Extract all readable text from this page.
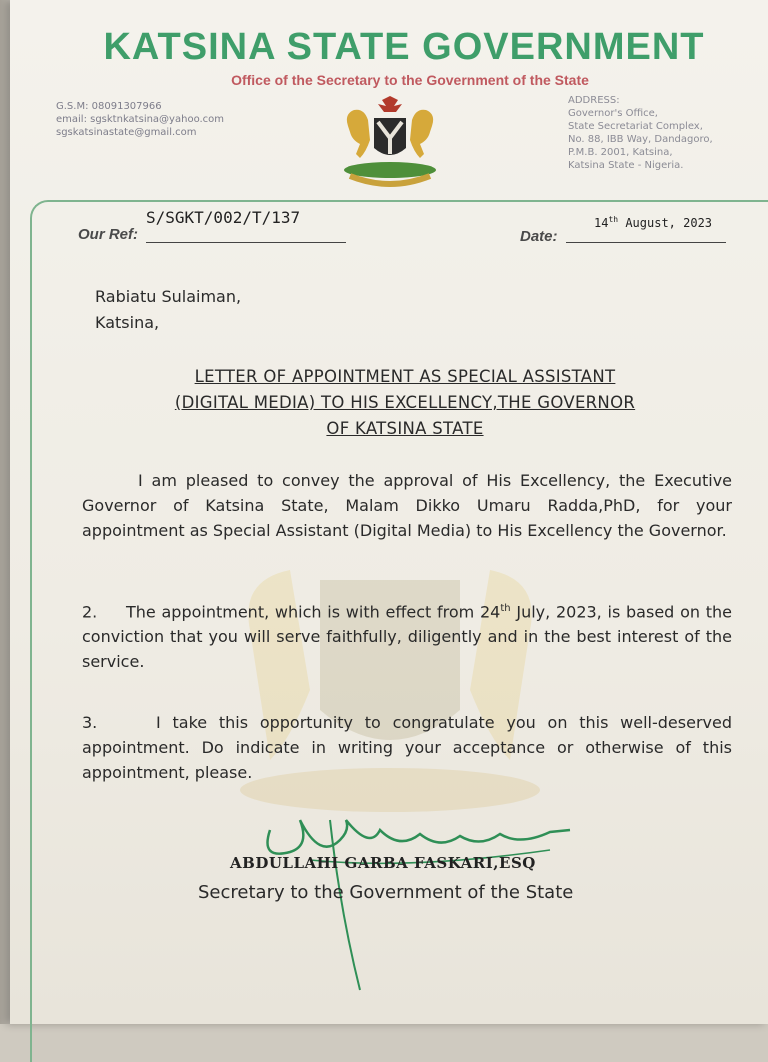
KATSINA STATE GOVERNMENT
Office of the Secretary to the Government of the State
G.S.M: 08091307966
email: sgsktnkatsina@yahoo.com
sgskatsinastate@gmail.com
ADDRESS:
Governor's Office,
State Secretariat Complex,
No. 88, IBB Way, Dandagoro,
P.M.B. 2001, Katsina,
Katsina State - Nigeria.
S/SGKT/002/T/137
Our Ref:
14th August, 2023
Date:
Rabiatu Sulaiman,
Katsina,
LETTER OF APPOINTMENT AS SPECIAL ASSISTANT
(DIGITAL MEDIA) TO HIS EXCELLENCY,THE GOVERNOR
OF KATSINA STATE
I am pleased to convey the approval of His Excellency, the Executive Governor of Katsina State, Malam Dikko Umaru Radda,PhD, for your appointment as Special Assistant (Digital Media) to His Excellency the Governor.
2.     The appointment, which is with effect from 24th July, 2023, is based on the conviction that you will serve faithfully, diligently and in the best interest of the service.
3.     I take this opportunity to congratulate you on this well-deserved appointment. Do indicate in writing your acceptance or otherwise of this appointment, please.
ABDULLAHI GARBA FASKARI,ESQ
Secretary to the Government of the State
